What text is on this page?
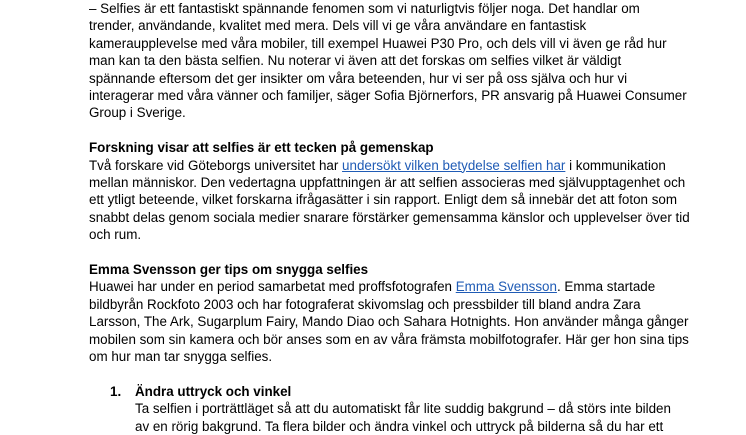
– Selfies är ett fantastiskt spännande fenomen som vi naturligtvis följer noga. Det handlar om

trender, användande, kvalitet med mera. Dels vill vi ge våra användare en fantastisk

kameraupplevelse med våra mobiler, till exempel Huawei P30 Pro, och dels vill vi även ge råd hur

man kan ta den bästa selfien. Nu noterar vi även att det forskas om selfies vilket är väldigt

spännande eftersom det ger insikter om våra beteenden, hur vi ser på oss själva och hur vi

interagerar med våra vänner och familjer, säger Sofia Björnerfors, PR ansvarig på Huawei Consumer

Group i Sverige.

Forskning visar att selfies är ett tecken på gemenskap

Två forskare vid Göteborgs universitet har undersökt vilken betydelse selfien har i kommunikation

mellan människor. Den vedertagna uppfattningen är att selfien associeras med självupptagenhet och

ett ytligt beteende, vilket forskarna ifrågasätter i sin rapport. Enligt dem så innebär det att foton som

snabbt delas genom sociala medier snarare förstärker gemensamma känslor och upplevelser över tid

och rum.

Emma Svensson ger tips om snygga selfies

Huawei har under en period samarbetat med proffsfotografen Emma Svensson. Emma startade

bildbyrån Rockfoto 2003 och har fotograferat skivomslag och pressbilder till bland andra Zara

Larsson, The Ark, Sugarplum Fairy, Mando Diao och Sahara Hotnights. Hon använder många gånger

mobilen som sin kamera och bör anses som en av våra främsta mobilfotografer. Här ger hon sina tips

om hur man tar snygga selfies.

1. Ändra uttryck och vinkel

Ta selfien i porträttläget så att du automatiskt får lite suddig bakgrund – då störs inte bilden

av en rörig bakgrund. Ta flera bilder och ändra vinkel och uttryck på bilderna så du har ett
